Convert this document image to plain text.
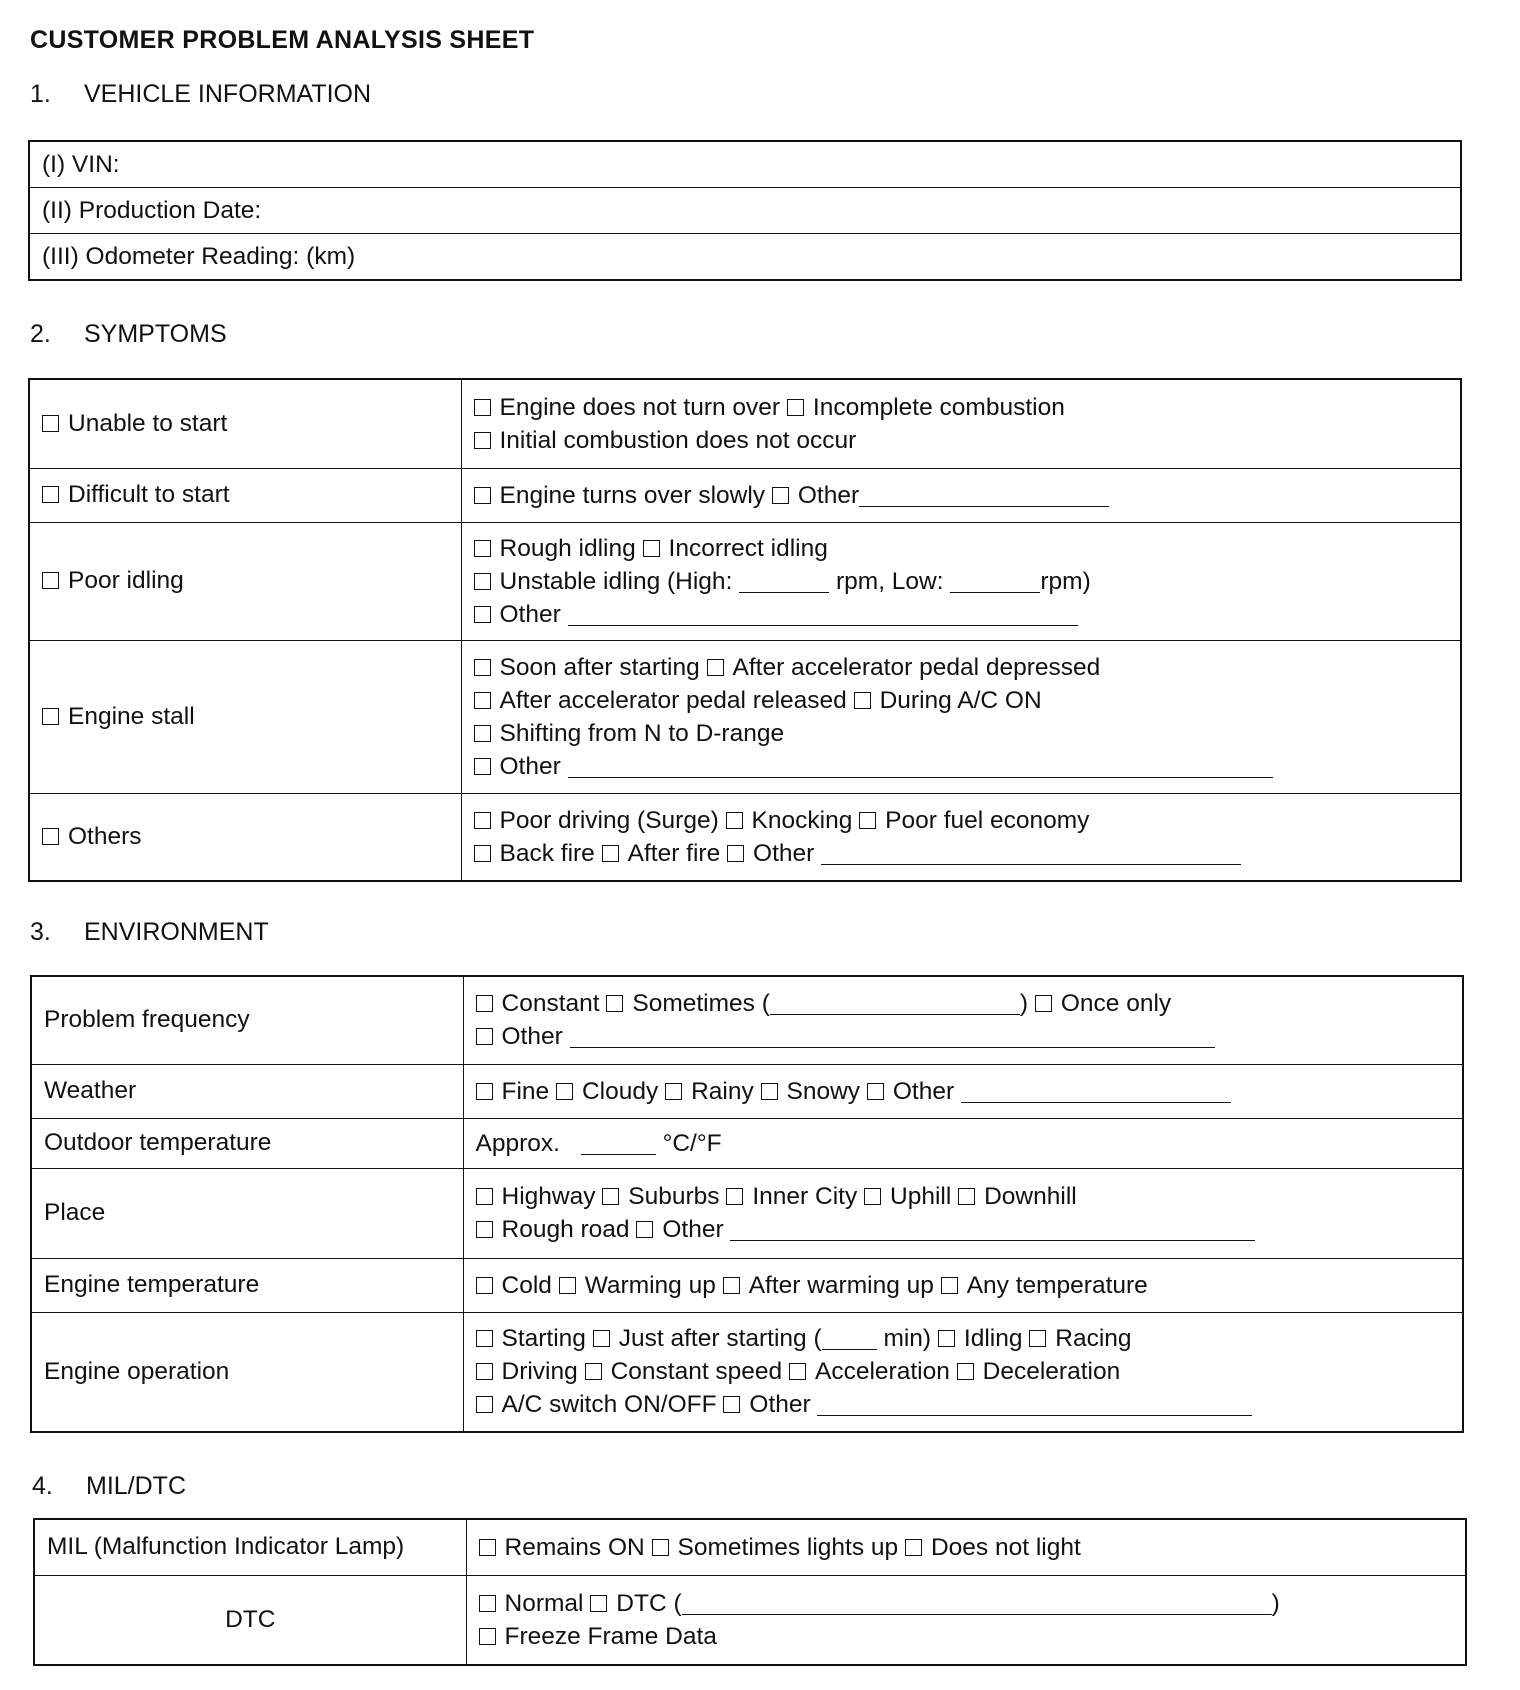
CUSTOMER PROBLEM ANALYSIS SHEET
1. VEHICLE INFORMATION
(I) VIN:
(II) Production Date:
(III) Odometer Reading: (km)
2. SYMPTOMS
Unable to start	Engine does not turn over Incomplete combustion
Initial combustion does not occur

Difficult to start	Engine turns over slowly Other

Poor idling	Rough idling Incorrect idling
Unstable idling (High: rpm, Low: rpm)
Other

Engine stall	Soon after starting After accelerator pedal depressed
After accelerator pedal released During A/C ON
Shifting from N to D-range
Other

Others	Poor driving (Surge) Knocking Poor fuel economy
Back fire After fire Other
3. ENVIRONMENT
Problem frequency	Constant Sometimes ( ) Once only
Other

Weather	Fine Cloudy Rainy Snowy Other

Outdoor temperature	Approx. °C/°F

Place	Highway Suburbs Inner City Uphill Downhill
Rough road Other

Engine temperature	Cold Warming up After warming up Any temperature

Engine operation	Starting Just after starting ( min) Idling Racing
Driving Constant speed Acceleration Deceleration
A/C switch ON/OFF Other
4. MIL/DTC
MIL (Malfunction Indicator Lamp)	Remains ON Sometimes lights up Does not light

DTC	Normal DTC ( )
Freeze Frame Data
